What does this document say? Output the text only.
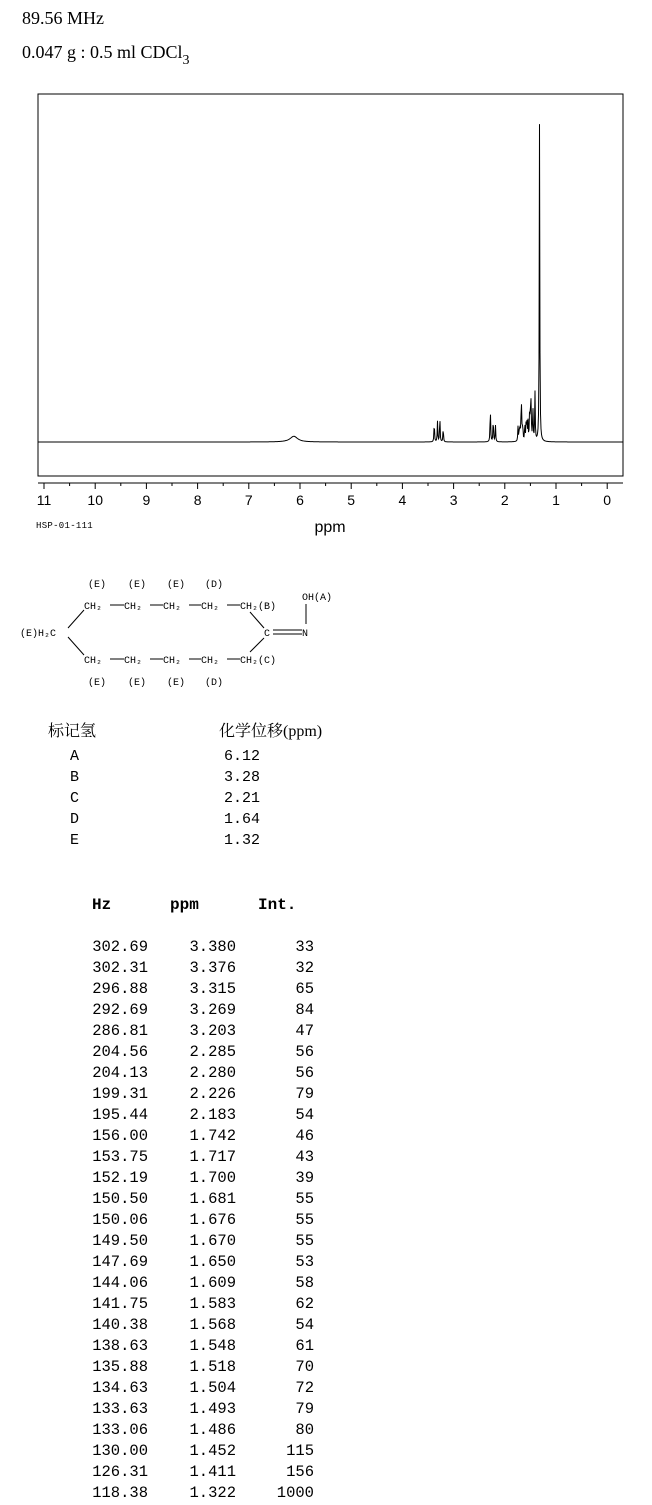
89.56 MHz
0.047 g : 0.5 ml CDCl$_3$
11	10	9	8	7	6	5	4	3	2	1	0
ppm
HSP-01-111
(E) (E) (E) (D)
CH₂ CH₂ CH₂ CH₂ CH₂(B)
OH(A)
(E)H₂C	C	N
CH₂ CH₂ CH₂ CH₂ CH₂(C)
(E) (E) (E) (D)
标记氢	化学位移(ppm)
A	6.12
B	3.28
C	2.21
D	1.64
E	1.32
Hz	ppm	Int.
302.69	3.380	33
302.31	3.376	32
296.88	3.315	65
292.69	3.269	84
286.81	3.203	47
204.56	2.285	56
204.13	2.280	56
199.31	2.226	79
195.44	2.183	54
156.00	1.742	46
153.75	1.717	43
152.19	1.700	39
150.50	1.681	55
150.06	1.676	55
149.50	1.670	55
147.69	1.650	53
144.06	1.609	58
141.75	1.583	62
140.38	1.568	54
138.63	1.548	61
135.88	1.518	70
134.63	1.504	72
133.63	1.493	79
133.06	1.486	80
130.00	1.452	115
126.31	1.411	156
118.38	1.322	1000
